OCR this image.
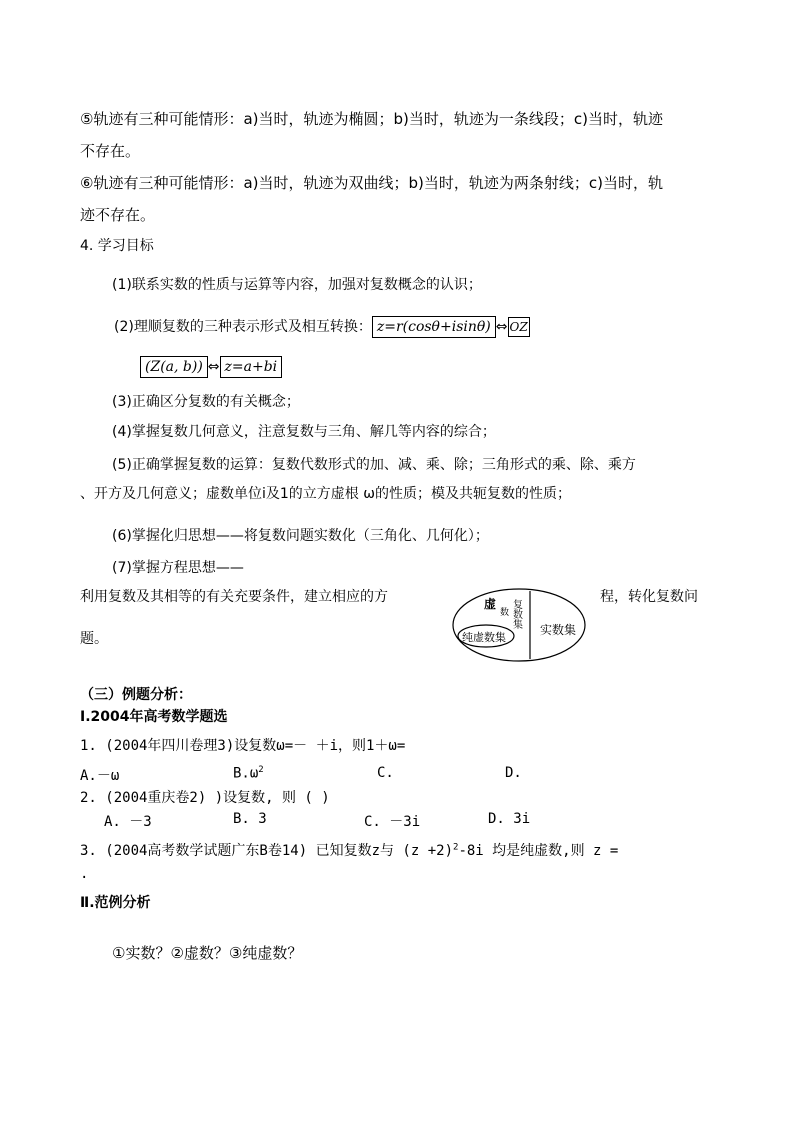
⑤轨迹有三种可能情形：a)当时，轨迹为椭圆；b)当时，轨迹为一条线段；c)当时，轨迹
不存在。
⑥轨迹有三种可能情形：a)当时，轨迹为双曲线；b)当时，轨迹为两条射线；c)当时，轨
迹不存在。
4. 学习目标
(1)联系实数的性质与运算等内容，加强对复数概念的认识；
(2)理顺复数的三种表示形式及相互转换： z=r(cosθ+isinθ) ⇔ OZ
(Z(a, b)) ⇔ z=a+bi
(3)正确区分复数的有关概念；
(4)掌握复数几何意义，注意复数与三角、解几等内容的综合；
(5)正确掌握复数的运算：复数代数形式的加、减、乘、除；三角形式的乘、除、乘方
、开方及几何意义；虚数单位i及1的立方虚根 ω的性质；模及共轭复数的性质；
(6)掌握化归思想——将复数问题实数化（三角化、几何化）；
(7)掌握方程思想——
利用复数及其相等的有关充要条件，建立相应的方	程，转化复数问
题。
虚
数 复数集
纯虚数集
实数集
（三）例题分析：
Ⅰ.2004年高考数学题选
1. (2004年四川卷理3)设复数ω=－ ＋i，则1＋ω=
A.－ω	$B.\omega^2$	C.	D.
2. (2004重庆卷2) )设复数, 则 ( )
A. －3	B. 3	C. －3i	D. 3i
3. (2004高考数学试题广东B卷14) 已知复数z与 $(z +2)^2-8i$ 均是纯虚数,则 z =
.
Ⅱ.范例分析
①实数？②虚数？③纯虚数？
